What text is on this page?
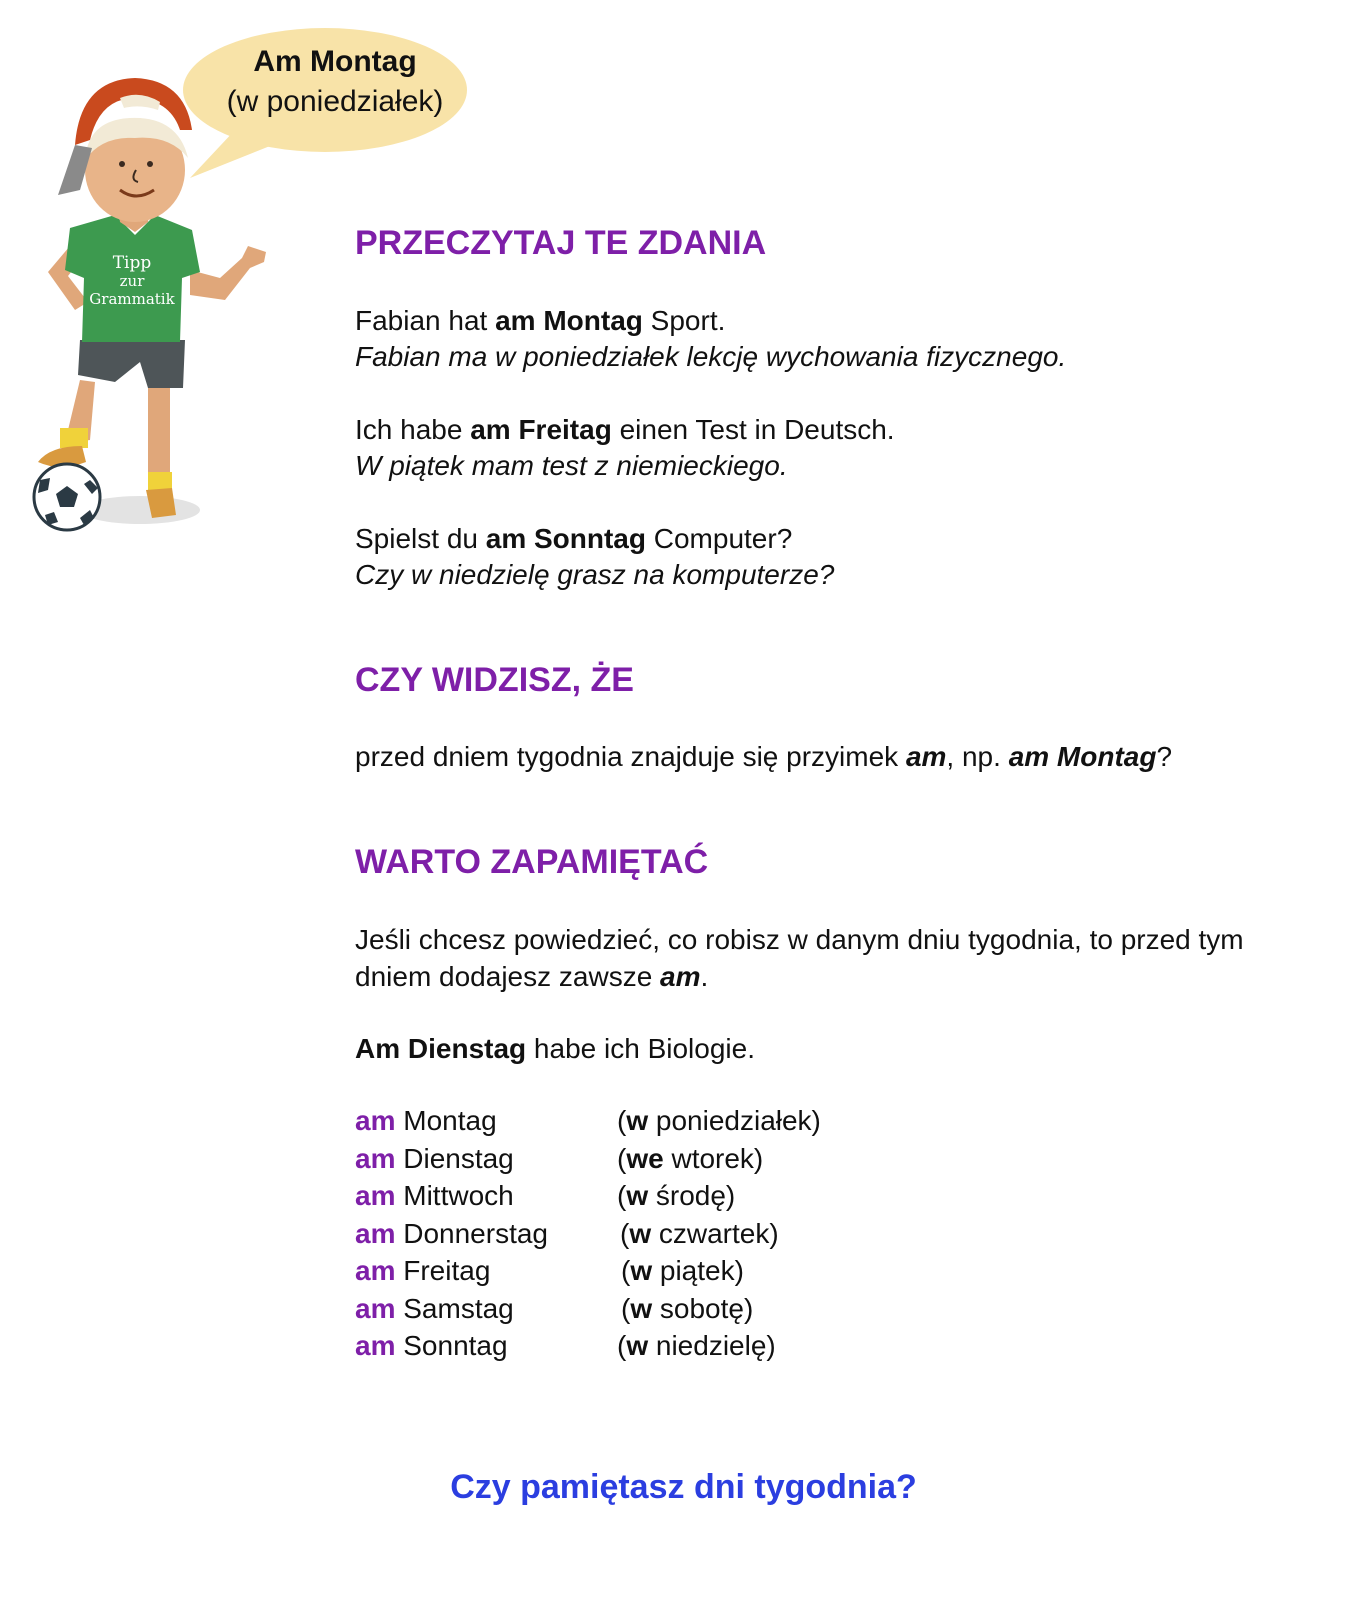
Tipp
zur
Grammatik
Am Montag
(w poniedziałek)
PRZECZYTAJ TE ZDANIA
Fabian hat am Montag Sport.
Fabian ma w poniedziałek lekcję wychowania fizycznego.
Ich habe am Freitag einen Test in Deutsch.
W piątek mam test z niemieckiego.
Spielst du am Sonntag Computer?
Czy w niedzielę grasz na komputerze?
CZY WIDZISZ, ŻE
przed dniem tygodnia znajduje się przyimek am, np. am Montag?
WARTO ZAPAMIĘTAĆ
Jeśli chcesz powiedzieć, co robisz w danym dniu tygodnia, to przed tym dniem dodajesz zawsze am.
Am Dienstag habe ich Biologie.
am Montag	(w poniedziałek)
am Dienstag	(we wtorek)
am Mittwoch	(w środę)
am Donnerstag	(w czwartek)
am Freitag	(w piątek)
am Samstag	(w sobotę)
am Sonntag	(w niedzielę)
Czy pamiętasz dni tygodnia?
